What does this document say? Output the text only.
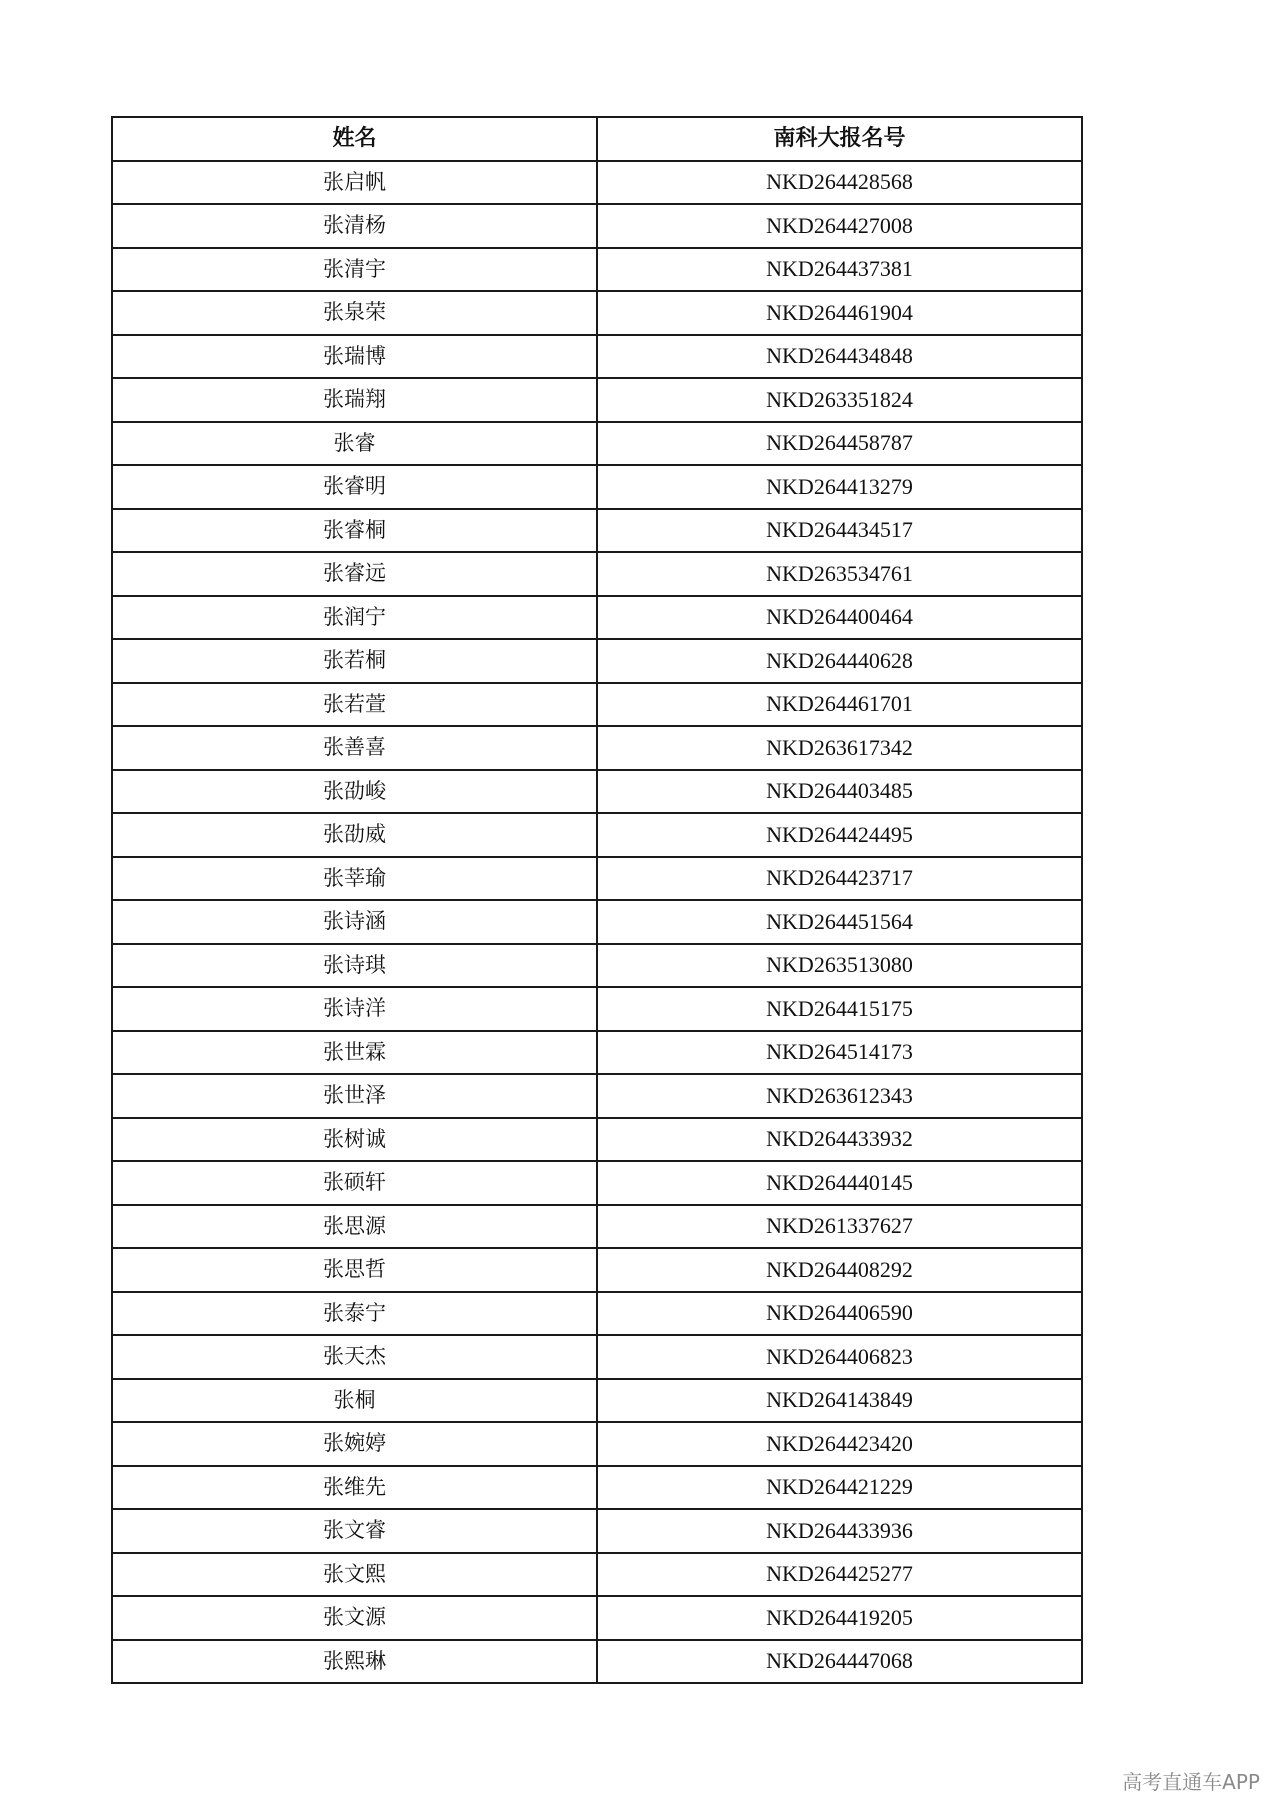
姓名	南科大报名号
张启帆	NKD264428568
张清杨	NKD264427008
张清宇	NKD264437381
张泉荣	NKD264461904
张瑞博	NKD264434848
张瑞翔	NKD263351824
张睿	NKD264458787
张睿明	NKD264413279
张睿桐	NKD264434517
张睿远	NKD263534761
张润宁	NKD264400464
张若桐	NKD264440628
张若萱	NKD264461701
张善喜	NKD263617342
张劭峻	NKD264403485
张劭威	NKD264424495
张莘瑜	NKD264423717
张诗涵	NKD264451564
张诗琪	NKD263513080
张诗洋	NKD264415175
张世霖	NKD264514173
张世泽	NKD263612343
张树诚	NKD264433932
张硕轩	NKD264440145
张思源	NKD261337627
张思哲	NKD264408292
张泰宁	NKD264406590
张天杰	NKD264406823
张桐	NKD264143849
张婉婷	NKD264423420
张维先	NKD264421229
张文睿	NKD264433936
张文熙	NKD264425277
张文源	NKD264419205
张熙琳	NKD264447068
高考直通车APP
